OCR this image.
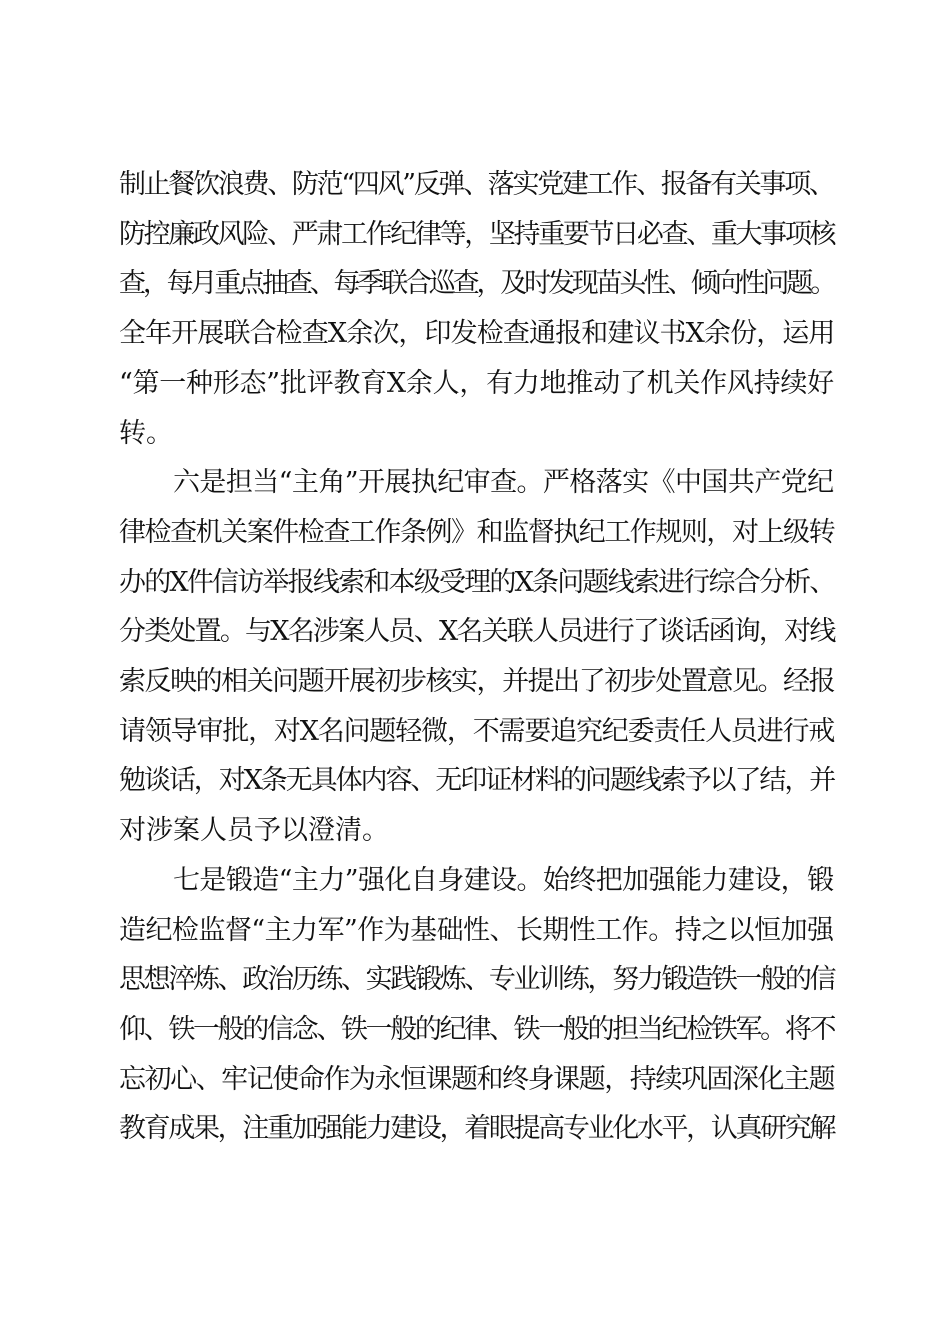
制止餐饮浪费、防范“四风”反弹、落实党建工作、报备有关事项、
防控廉政风险、严肃工作纪律等，坚持重要节日必查、重大事项核
查，每月重点抽查、每季联合巡查，及时发现苗头性、倾向性问题。
全年开展联合检查X余次，印发检查通报和建议书X余份，运用
“第一种形态”批评教育X余人，有力地推动了机关作风持续好
转。
六是担当“主角”开展执纪审查。严格落实《中国共产党纪
律检查机关案件检查工作条例》和监督执纪工作规则，对上级转
办的X件信访举报线索和本级受理的X条问题线索进行综合分析、
分类处置。与X名涉案人员、X名关联人员进行了谈话函询，对线
索反映的相关问题开展初步核实，并提出了初步处置意见。经报
请领导审批，对X名问题轻微，不需要追究纪委责任人员进行戒
勉谈话，对X条无具体内容、无印证材料的问题线索予以了结，并
对涉案人员予以澄清。
七是锻造“主力”强化自身建设。始终把加强能力建设，锻
造纪检监督“主力军”作为基础性、长期性工作。持之以恒加强
思想淬炼、政治历练、实践锻炼、专业训练，努力锻造铁一般的信
仰、铁一般的信念、铁一般的纪律、铁一般的担当纪检铁军。将不
忘初心、牢记使命作为永恒课题和终身课题，持续巩固深化主题
教育成果，注重加强能力建设，着眼提高专业化水平，认真研究解
